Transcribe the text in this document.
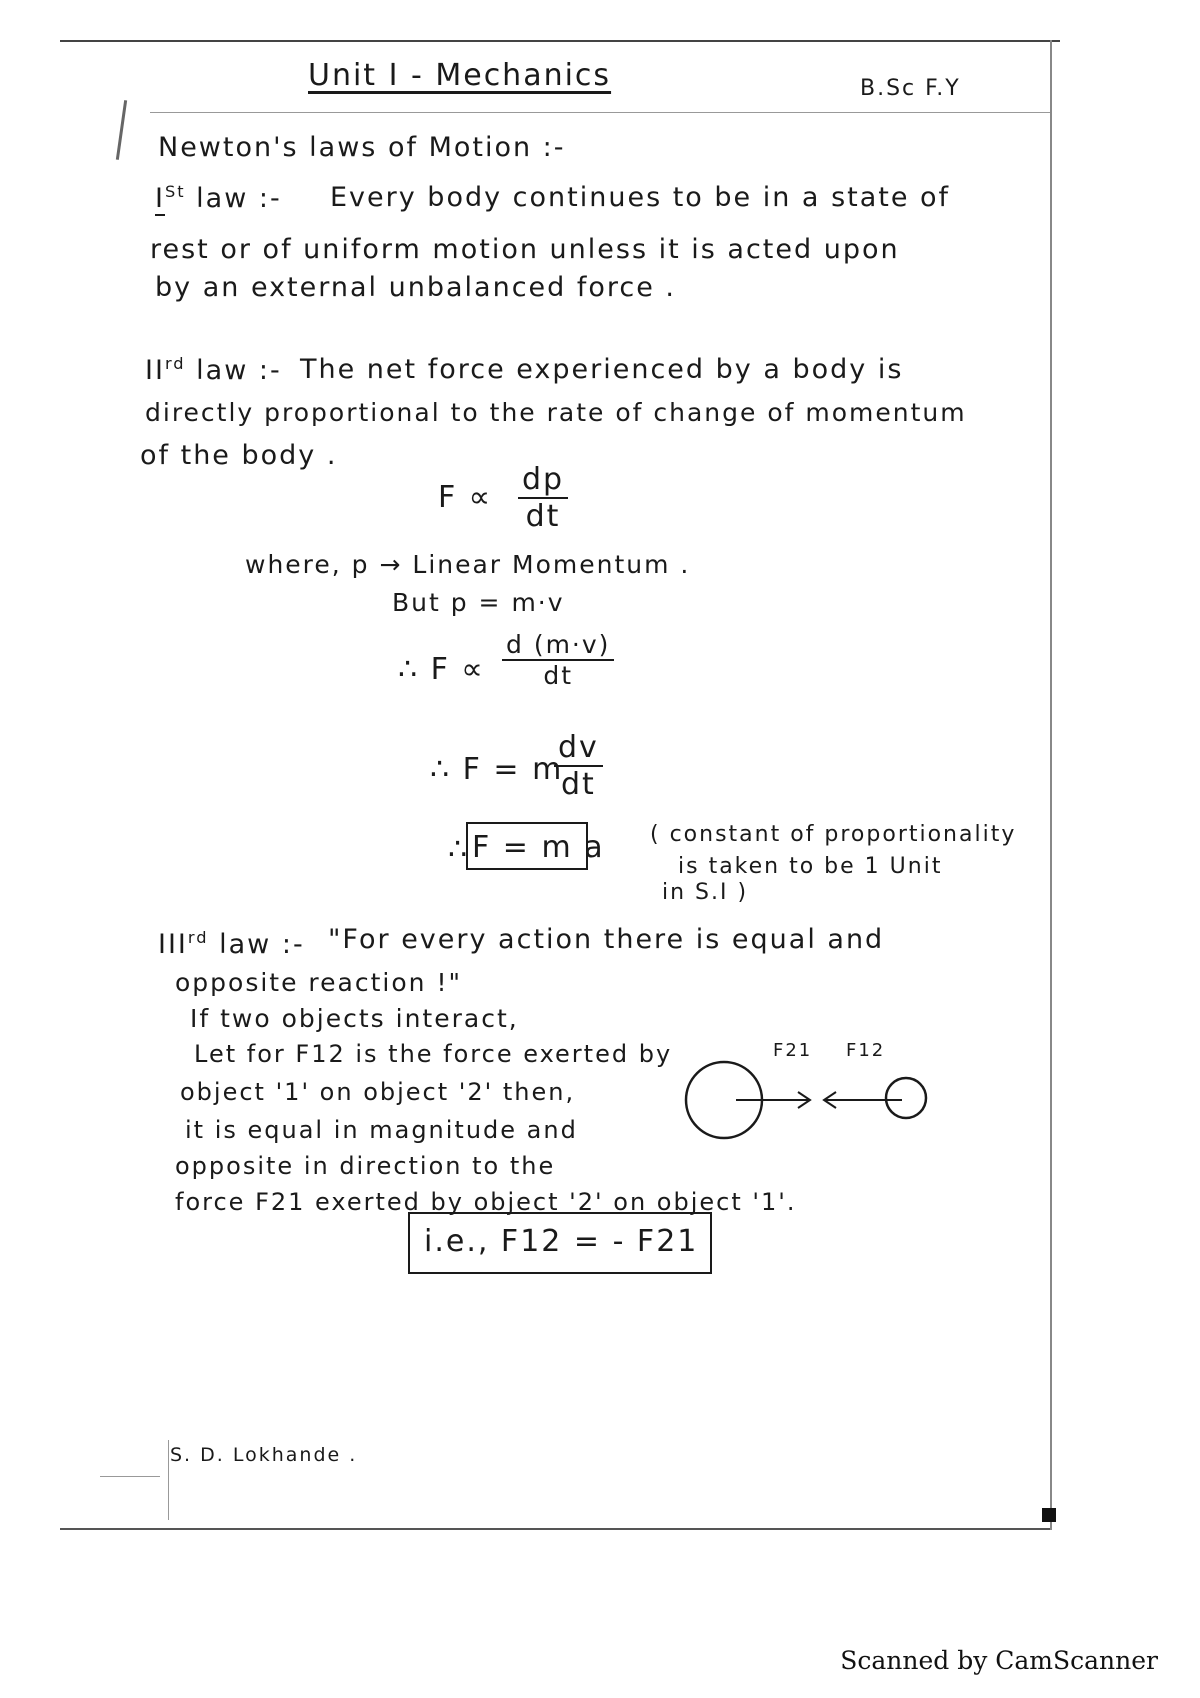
Unit I - Mechanics	B.Sc F.Y
Newton's laws of Motion :-
ISt law :- Every body continues to be in a state of
rest or of uniform motion unless it is acted upon
by an external unbalanced force .
IIrd law :- The net force experienced by a body is
directly proportional to the rate of change of momentum
of the body .
$F \propto \frac{dp}{dt}$
where, p → Linear Momentum .
But p = m·v
∴ $F \propto \frac{d (m\cdot v)}{dt}$
∴ F = m
$\frac{dv}{dt}$
∴ F = m a ( constant of proportionality
is taken to be 1 Unit
in S.I )
IIIrd law :- "For every action there is equal and
opposite reaction !"
If two objects interact,
Let for F12 is the force exerted by
object '1' on object '2' then,
it is equal in magnitude and
opposite in direction to the
force F21 exerted by object '2' on object '1'.
F21 F12
i.e., F12 = - F21
S. D. Lokhande .
Scanned by CamScanner
